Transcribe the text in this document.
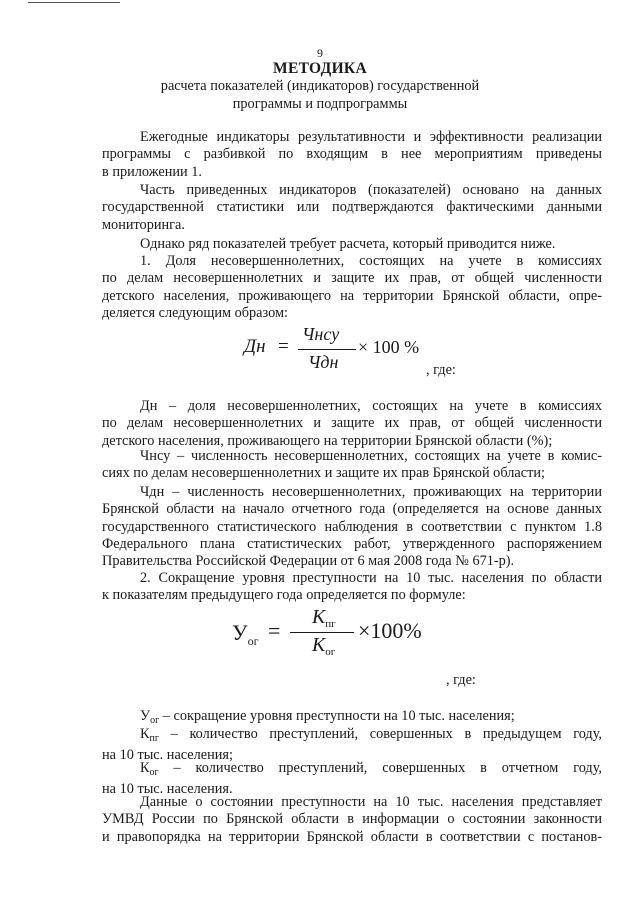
9
МЕТОДИКА
расчета показателей (индикаторов) государственной
программы и подпрограммы
Ежегодные индикаторы результативности и эффективности реализации
программы с разбивкой по входящим в нее мероприятиям приведены
в приложении 1.
Часть приведенных индикаторов (показателей) основано на данных
государственной статистики или подтверждаются фактическими данными
мониторинга.
Однако ряд показателей требует расчета, который приводится ниже.
1. Доля несовершеннолетних, состоящих на учете в комиссиях
по делам несовершеннолетних и защите их прав, от общей численности
детского населения, проживающего на территории Брянской области, опре-
деляется следующим образом:
Дн =
Чнсу
Чдн
× 100 %
, где:
Дн – доля несовершеннолетних, состоящих на учете в комиссиях
по делам несовершеннолетних и защите их прав, от общей численности
детского населения, проживающего на территории Брянской области (%);
Чнсу – численность несовершеннолетних, состоящих на учете в комис-
сиях по делам несовершеннолетних и защите их прав Брянской области;
Чдн – численность несовершеннолетних, проживающих на территории
Брянской области на начало отчетного года (определяется на основе данных
государственного статистического наблюдения в соответствии с пунктом 1.8
Федерального плана статистических работ, утвержденного распоряжением
Правительства Российской Федерации от 6 мая 2008 года № 671-р).
2. Сокращение уровня преступности на 10 тыс. населения по области
к показателям предыдущего года определяется по формуле:
$У_{ог}$ =
$К_{пг}$
$К_{ог}$
×100%
, где:
$У_{ог}$ – сокращение уровня преступности на 10 тыс. населения;
$К_{пг}$ – количество преступлений, совершенных в предыдущем году,
на 10 тыс. населения;
$К_{ог}$ – количество преступлений, совершенных в отчетном году,
на 10 тыс. населения.
Данные о состоянии преступности на 10 тыс. населения представляет
УМВД России по Брянской области в информации о состоянии законности
и правопорядка на территории Брянской области в соответствии с постанов-
